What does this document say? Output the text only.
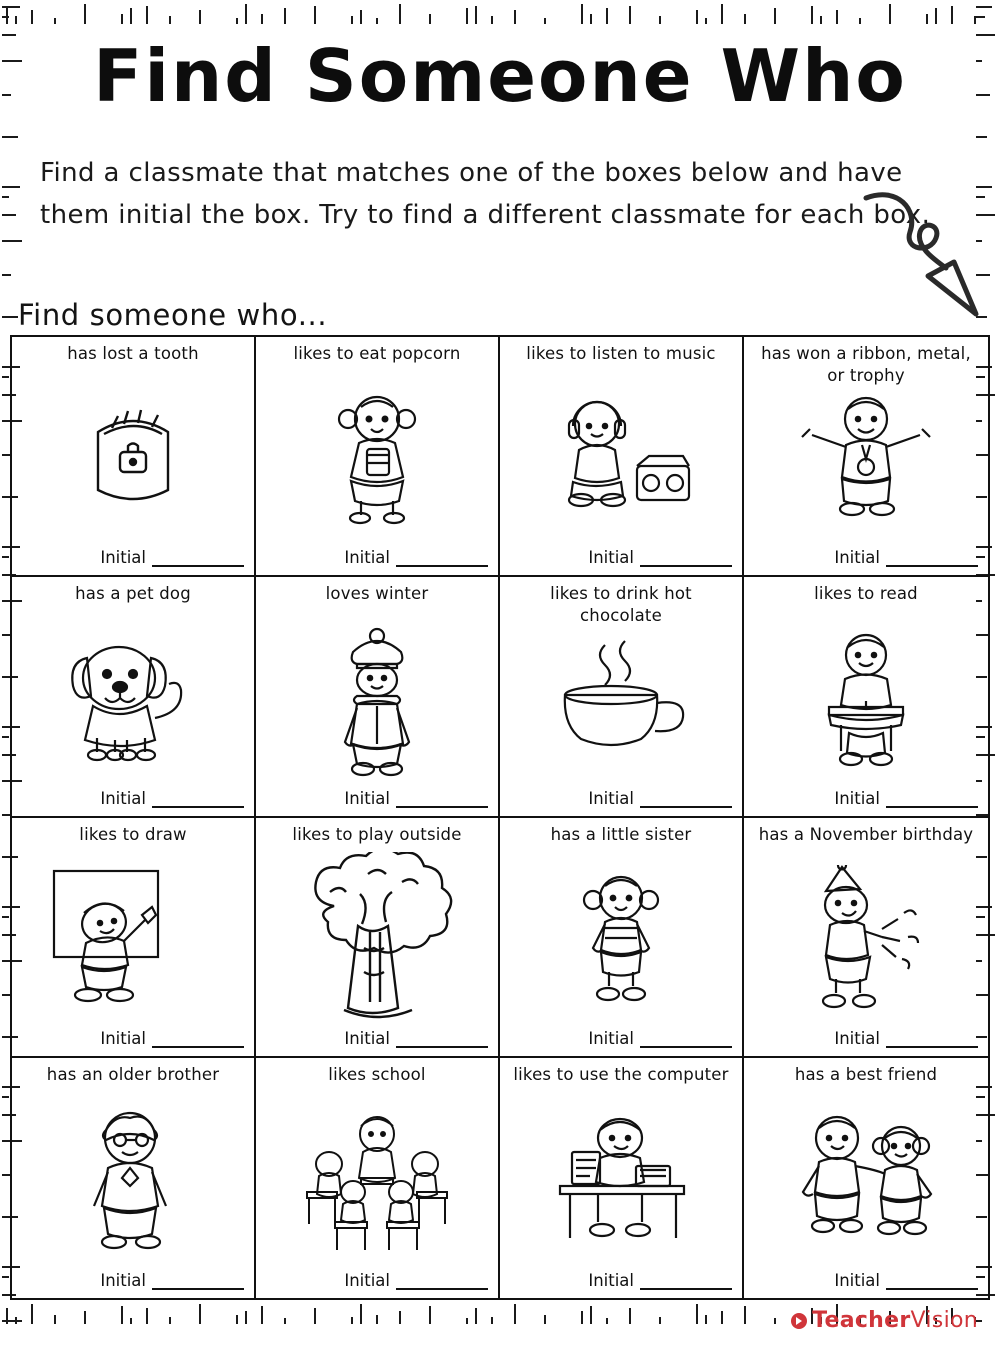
Find Someone Who
Find a classmate that matches one of the boxes below and have them initial the box. Try to find a different classmate for each box.
Find someone who...
has lost a tooth
Initial
likes to eat popcorn
Initial
likes to listen to music
Initial
has won a ribbon, metal, or trophy
Initial
has a pet dog
Initial
loves winter
Initial
likes to drink hot chocolate
Initial
likes to read
Initial
likes to draw
Initial
likes to play outside
Initial
has a little sister
Initial
has a November birthday
Initial
has an older brother
Initial
likes school
Initial
likes to use the computer
Initial
has a best friend
Initial
TeacherVision
